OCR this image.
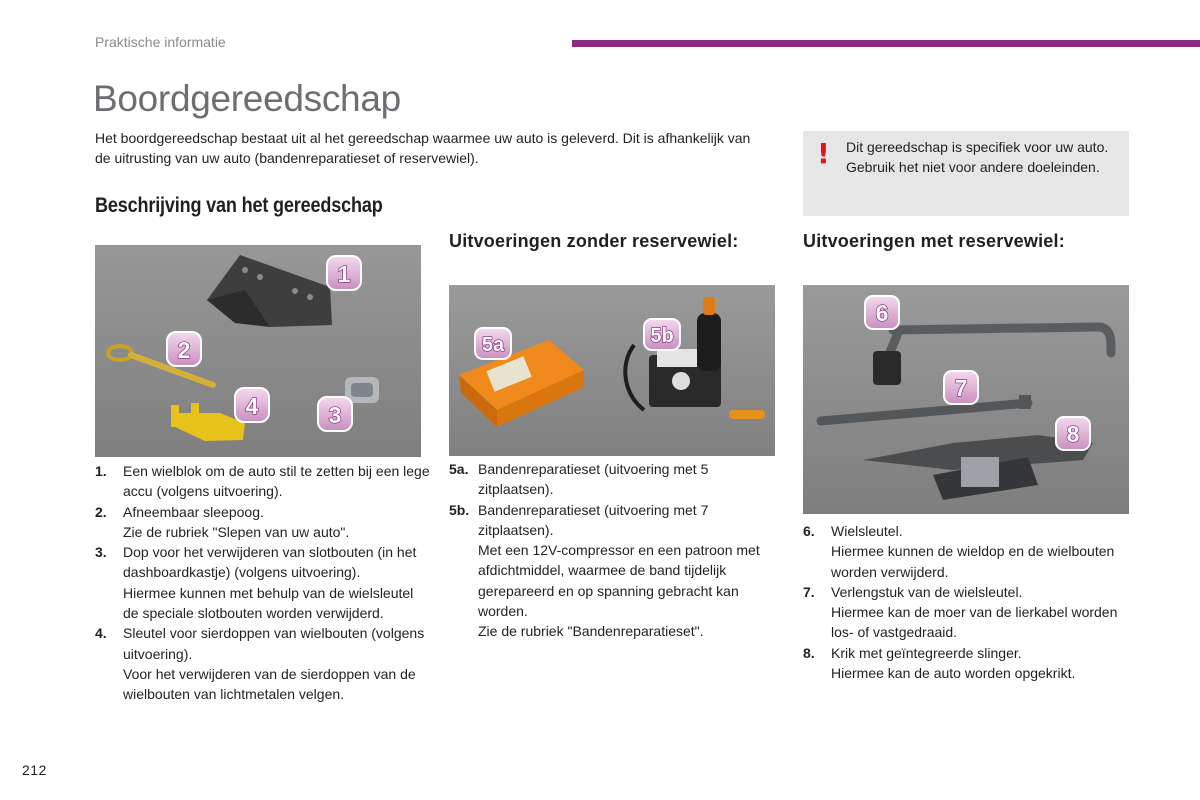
Praktische informatie
Boordgereedschap

Het boordgereedschap bestaat uit al het gereedschap waarmee uw auto is geleverd. Dit is afhankelijk van de uitrusting van uw auto (bandenreparatieset of reservewiel).	! Dit gereedschap is specifiek voor uw auto. Gebruik het niet voor andere doeleinden.
Beschrijving van het gereedschap
Uitvoeringen zonder reservewiel:	Uitvoeringen met reservewiel:
1
2
4	3
5a	5b
6
7
8
1.	Een wielblok om de auto stil te zetten bij een lege accu (volgens uitvoering).
2.	Afneembaar sleepoog.
Zie de rubriek "Slepen van uw auto".
3.	Dop voor het verwijderen van slotbouten (in het dashboardkastje) (volgens uitvoering).
Hiermee kunnen met behulp van de wielsleutel de speciale slotbouten worden verwijderd.
4.	Sleutel voor sierdoppen van wielbouten (volgens uitvoering).
Voor het verwijderen van de sierdoppen van de wielbouten van lichtmetalen velgen.
5a. Bandenreparatieset (uitvoering met 5 zitplaatsen).
5b. Bandenreparatieset (uitvoering met 7 zitplaatsen).
Met een 12V-compressor en een patroon met afdichtmiddel, waarmee de band tijdelijk gerepareerd en op spanning gebracht kan worden.
Zie de rubriek "Bandenreparatieset".
6.	Wielsleutel.
Hiermee kunnen de wieldop en de wielbouten worden verwijderd.
7.	Verlengstuk van de wielsleutel.
Hiermee kan de moer van de lierkabel worden los- of vastgedraaid.
8.	Krik met geïntegreerde slinger.
Hiermee kan de auto worden opgekrikt.
212
